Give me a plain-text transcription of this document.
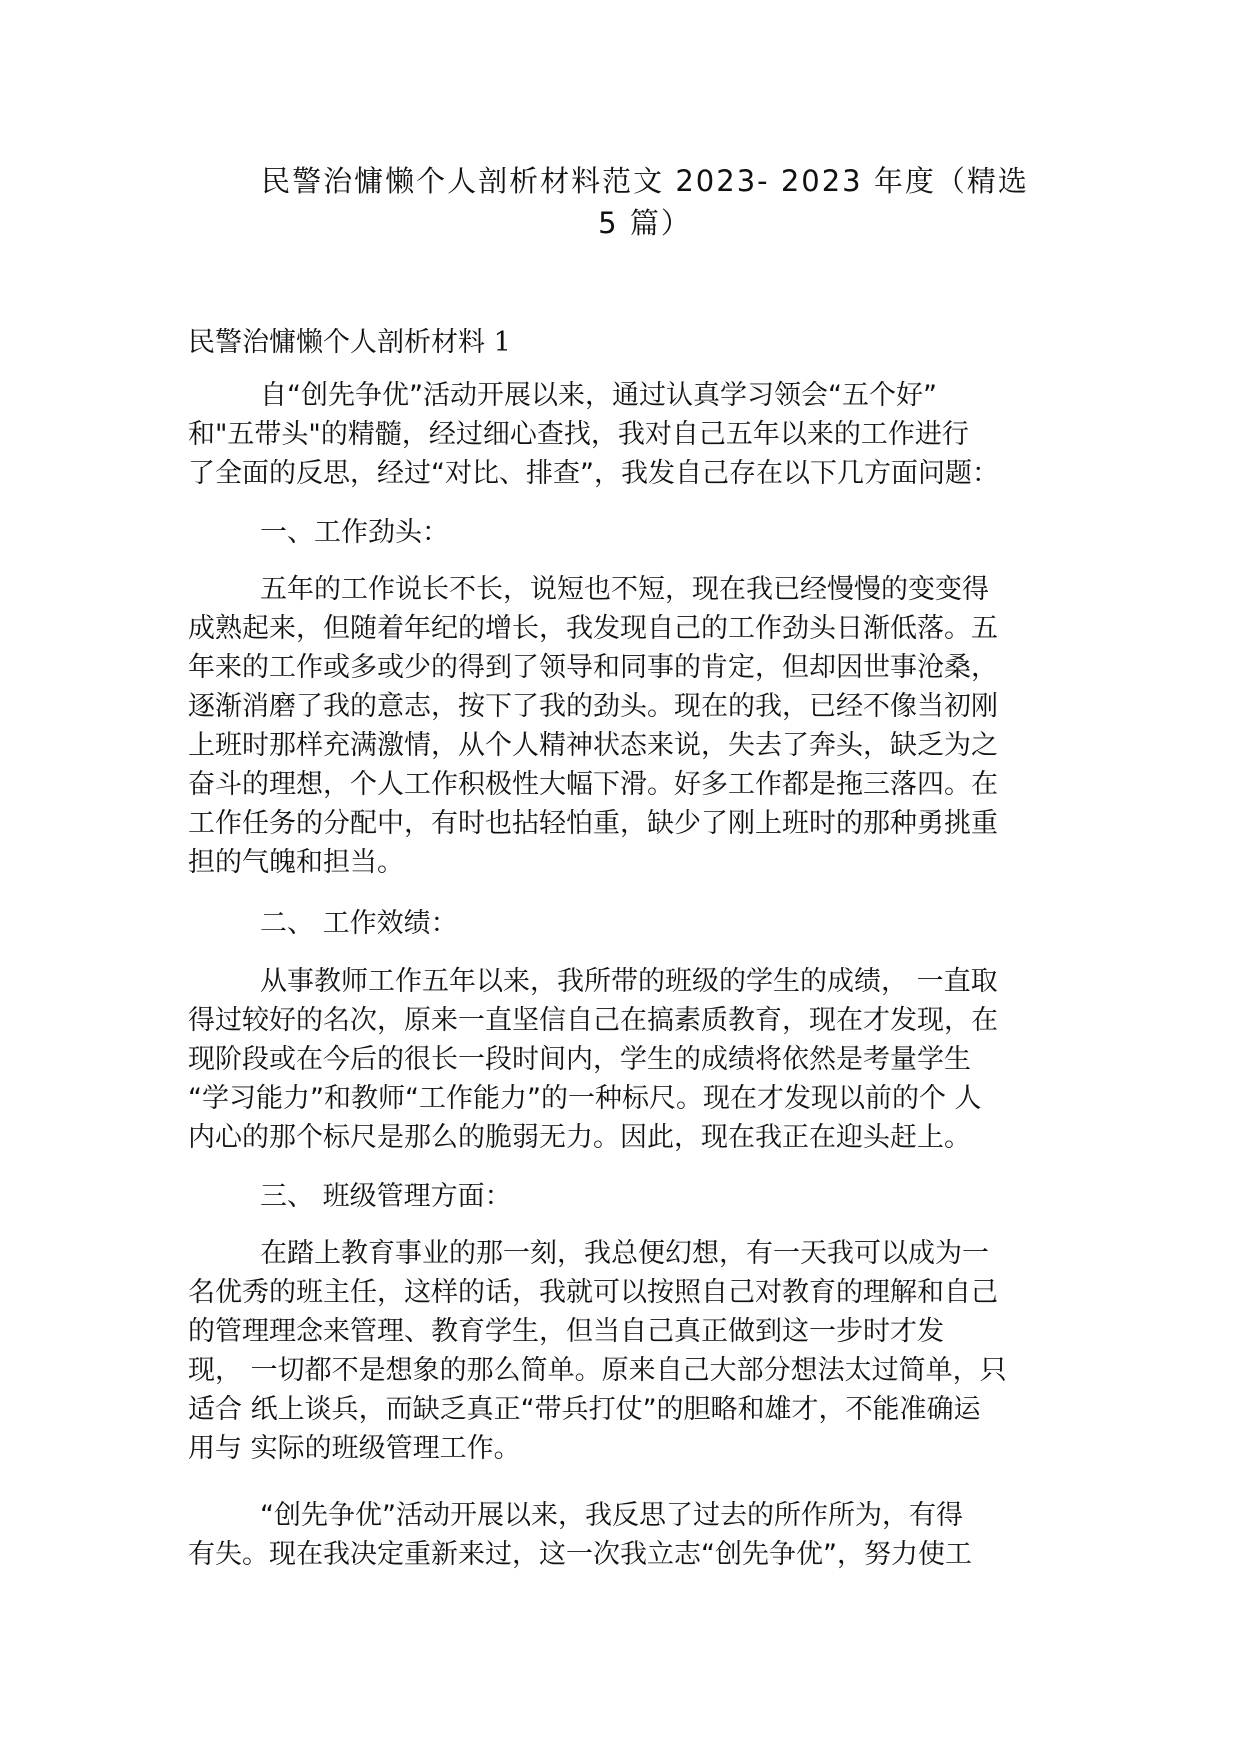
民警治慵懒个人剖析材料范文 2023- 2023 年度（精选
5 篇）
民警治慵懒个人剖析材料 1
自“创先争优”活动开展以来，通过认真学习领会“五个好”
和"五带头"的精髓，经过细心查找，我对自己五年以来的工作进行
了全面的反思，经过“对比、排查”，我发自己存在以下几方面问题：
一、工作劲头：
五年的工作说长不长，说短也不短，现在我已经慢慢的变变得
成熟起来，但随着年纪的增长，我发现自己的工作劲头日渐低落。五
年来的工作或多或少的得到了领导和同事的肯定，但却因世事沧桑，
逐渐消磨了我的意志，按下了我的劲头。现在的我，已经不像当初刚
上班时那样充满激情，从个人精神状态来说，失去了奔头，缺乏为之
奋斗的理想，个人工作积极性大幅下滑。好多工作都是拖三落四。在
工作任务的分配中，有时也拈轻怕重，缺少了刚上班时的那种勇挑重
担的气魄和担当。
二、 工作效绩：
从事教师工作五年以来，我所带的班级的学生的成绩， 一直取
得过较好的名次，原来一直坚信自己在搞素质教育，现在才发现，在
现阶段或在今后的很长一段时间内，学生的成绩将依然是考量学生
“学习能力”和教师“工作能力”的一种标尺。现在才发现以前的个 人
内心的那个标尺是那么的脆弱无力。因此，现在我正在迎头赶上。
三、 班级管理方面：
在踏上教育事业的那一刻，我总便幻想，有一天我可以成为一
名优秀的班主任，这样的话，我就可以按照自己对教育的理解和自己
的管理理念来管理、教育学生，但当自己真正做到这一步时才发
现， 一切都不是想象的那么简单。原来自己大部分想法太过简单，只
适合 纸上谈兵，而缺乏真正“带兵打仗”的胆略和雄才，不能准确运
用与 实际的班级管理工作。
“创先争优”活动开展以来，我反思了过去的所作所为，有得
有失。现在我决定重新来过，这一次我立志“创先争优”，努力使工
